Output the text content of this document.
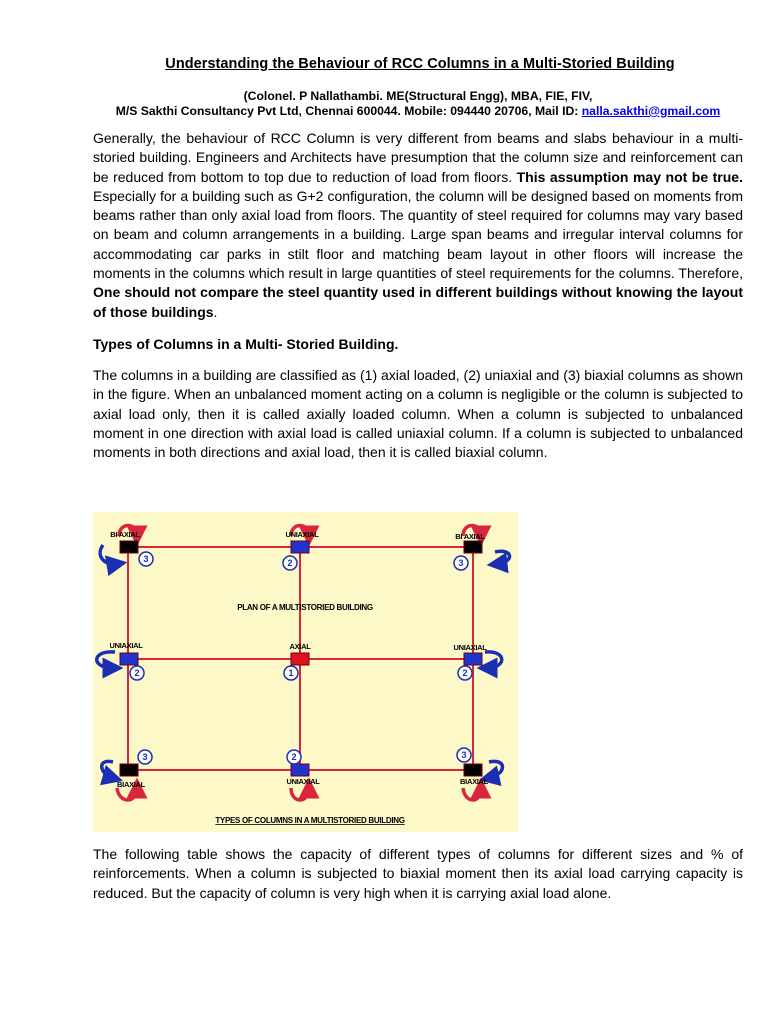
Understanding the Behaviour of RCC Columns in a Multi-Storied Building

(Colonel. P Nallathambi. ME(Structural Engg), MBA, FIE, FIV,

M/S Sakthi Consultancy Pvt Ltd, Chennai 600044. Mobile: 094440 20706, Mail ID: nalla.sakthi@gmail.com

Generally, the behaviour of RCC Column is very different from beams and slabs behaviour in a multi-storied building. Engineers and Architects have presumption that the column size and reinforcement can be reduced from bottom to top due to reduction of load from floors. This assumption may not be true. Especially for a building such as G+2 configuration, the column will be designed based on moments from beams rather than only axial load from floors. The quantity of steel required for columns may vary based on beam and column arrangements in a building. Large span beams and irregular interval columns for accommodating car parks in stilt floor and matching beam layout in other floors will increase the moments in the columns which result in large quantities of steel requirements for the columns. Therefore, One should not compare the steel quantity used in different buildings without knowing the layout of those buildings.

Types of Columns in a Multi- Storied Building.

The columns in a building are classified as (1) axial loaded, (2) uniaxial and (3) biaxial columns as shown in the figure. When an unbalanced moment acting on a column is negligible or the column is subjected to axial load only, then it is called axially loaded column. When a column is subjected to unbalanced moment in one direction with axial load is called uniaxial column. If a column is subjected to unbalanced moments in both directions and axial load, then it is called biaxial column.

3	2	3
2	1	2
3	2	3
BI AXIAL	UNIAXIAL	BI AXIAL
UNIAXIAL	AXIAL	UNIAXIAL
BIAXIAL	UNIAXIAL	BIAXIAL
PLAN OF A MULTISTORIED BUILDING
TYPES OF COLUMNS IN A MULTISTORIED BUILDING

The following table shows the capacity of different types of columns for different sizes and % of reinforcements. When a column is subjected to biaxial moment then its axial load carrying capacity is reduced. But the capacity of column is very high when it is carrying axial load alone.
